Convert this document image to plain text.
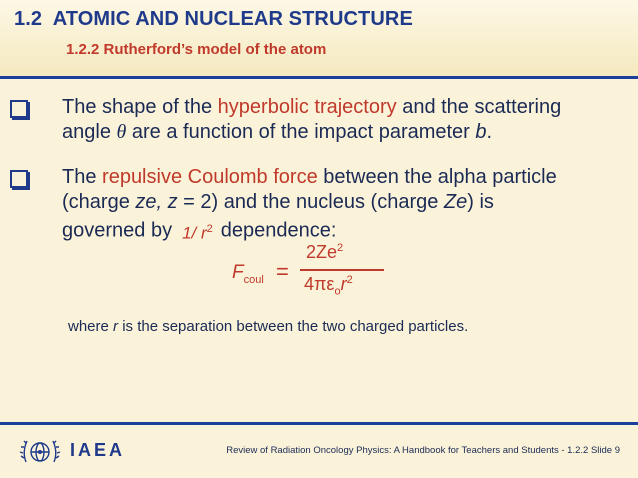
1.2 ATOMIC AND NUCLEAR STRUCTURE
1.2.2 Rutherford’s model of the atom
The shape of the hyperbolic trajectory and the scattering
angle θ are a function of the impact parameter b.
The repulsive Coulomb force between the alpha particle
(charge ze, z = 2) and the nucleus (charge Ze) is
governed by 1/ $r^2$ dependence:
$F_{coul}$ =
$2Ze^2$
$4\pi\varepsilon_or^2$
where r is the separation between the two charged particles.
IAEA	Review of Radiation Oncology Physics: A Handbook for Teachers and Students - 1.2.2 Slide 9
